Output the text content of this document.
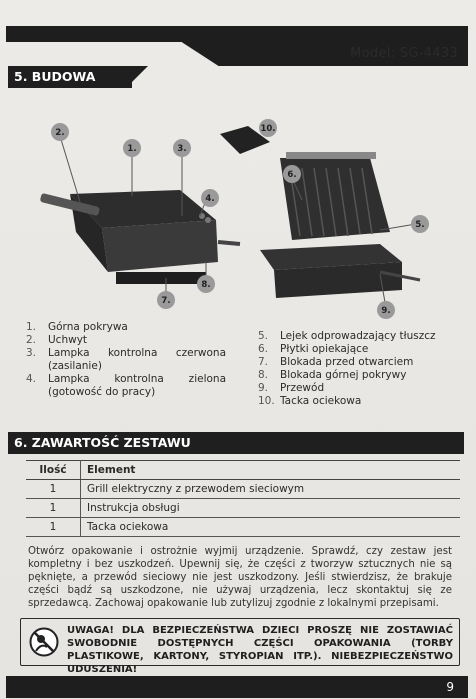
Model: SG-4433
5. BUDOWA
2.
1.	3.
4.
10.
6.
5.
7.
8.
9.
1. Górna pokrywa
2. Uchwyt
3. Lampka kontrolna czerwona
(zasilanie)
4. Lampka kontrolna zielona
(gotowość do pracy)
5. Lejek odprowadzający tłuszcz
6. Płytki opiekające
7. Blokada przed otwarciem
8. Blokada górnej pokrywy
9. Przewód
10. Tacka ociekowa
6. ZAWARTOŚĆ ZESTAWU
Ilość	Element
1	Grill elektryczny z przewodem sieciowym
1	Instrukcja obsługi
1	Tacka ociekowa
Otwórz opakowanie i ostrożnie wyjmij urządzenie. Sprawdź, czy zestaw jest kompletny i bez uszkodzeń. Upewnij się, że części z tworzyw sztucznych nie są pęknięte, a przewód sieciowy nie jest uszkodzony. Jeśli stwierdzisz, że brakuje części bądź są uszkodzone, nie używaj urządzenia, lecz skontaktuj się ze sprzedawcą. Zachowaj opakowanie lub zutylizuj zgodnie z lokalnymi przepisami.
UWAGA! DLA BEZPIECZEŃSTWA DZIECI PROSZĘ NIE ZOSTAWIAĆ SWOBODNIE DOSTĘPNYCH CZĘŚCI OPAKOWANIA (TORBY PLASTIKOWE, KARTONY, STYROPIAN ITP.). NIEBEZPIECZEŃSTWO UDUSZENIA!
9
